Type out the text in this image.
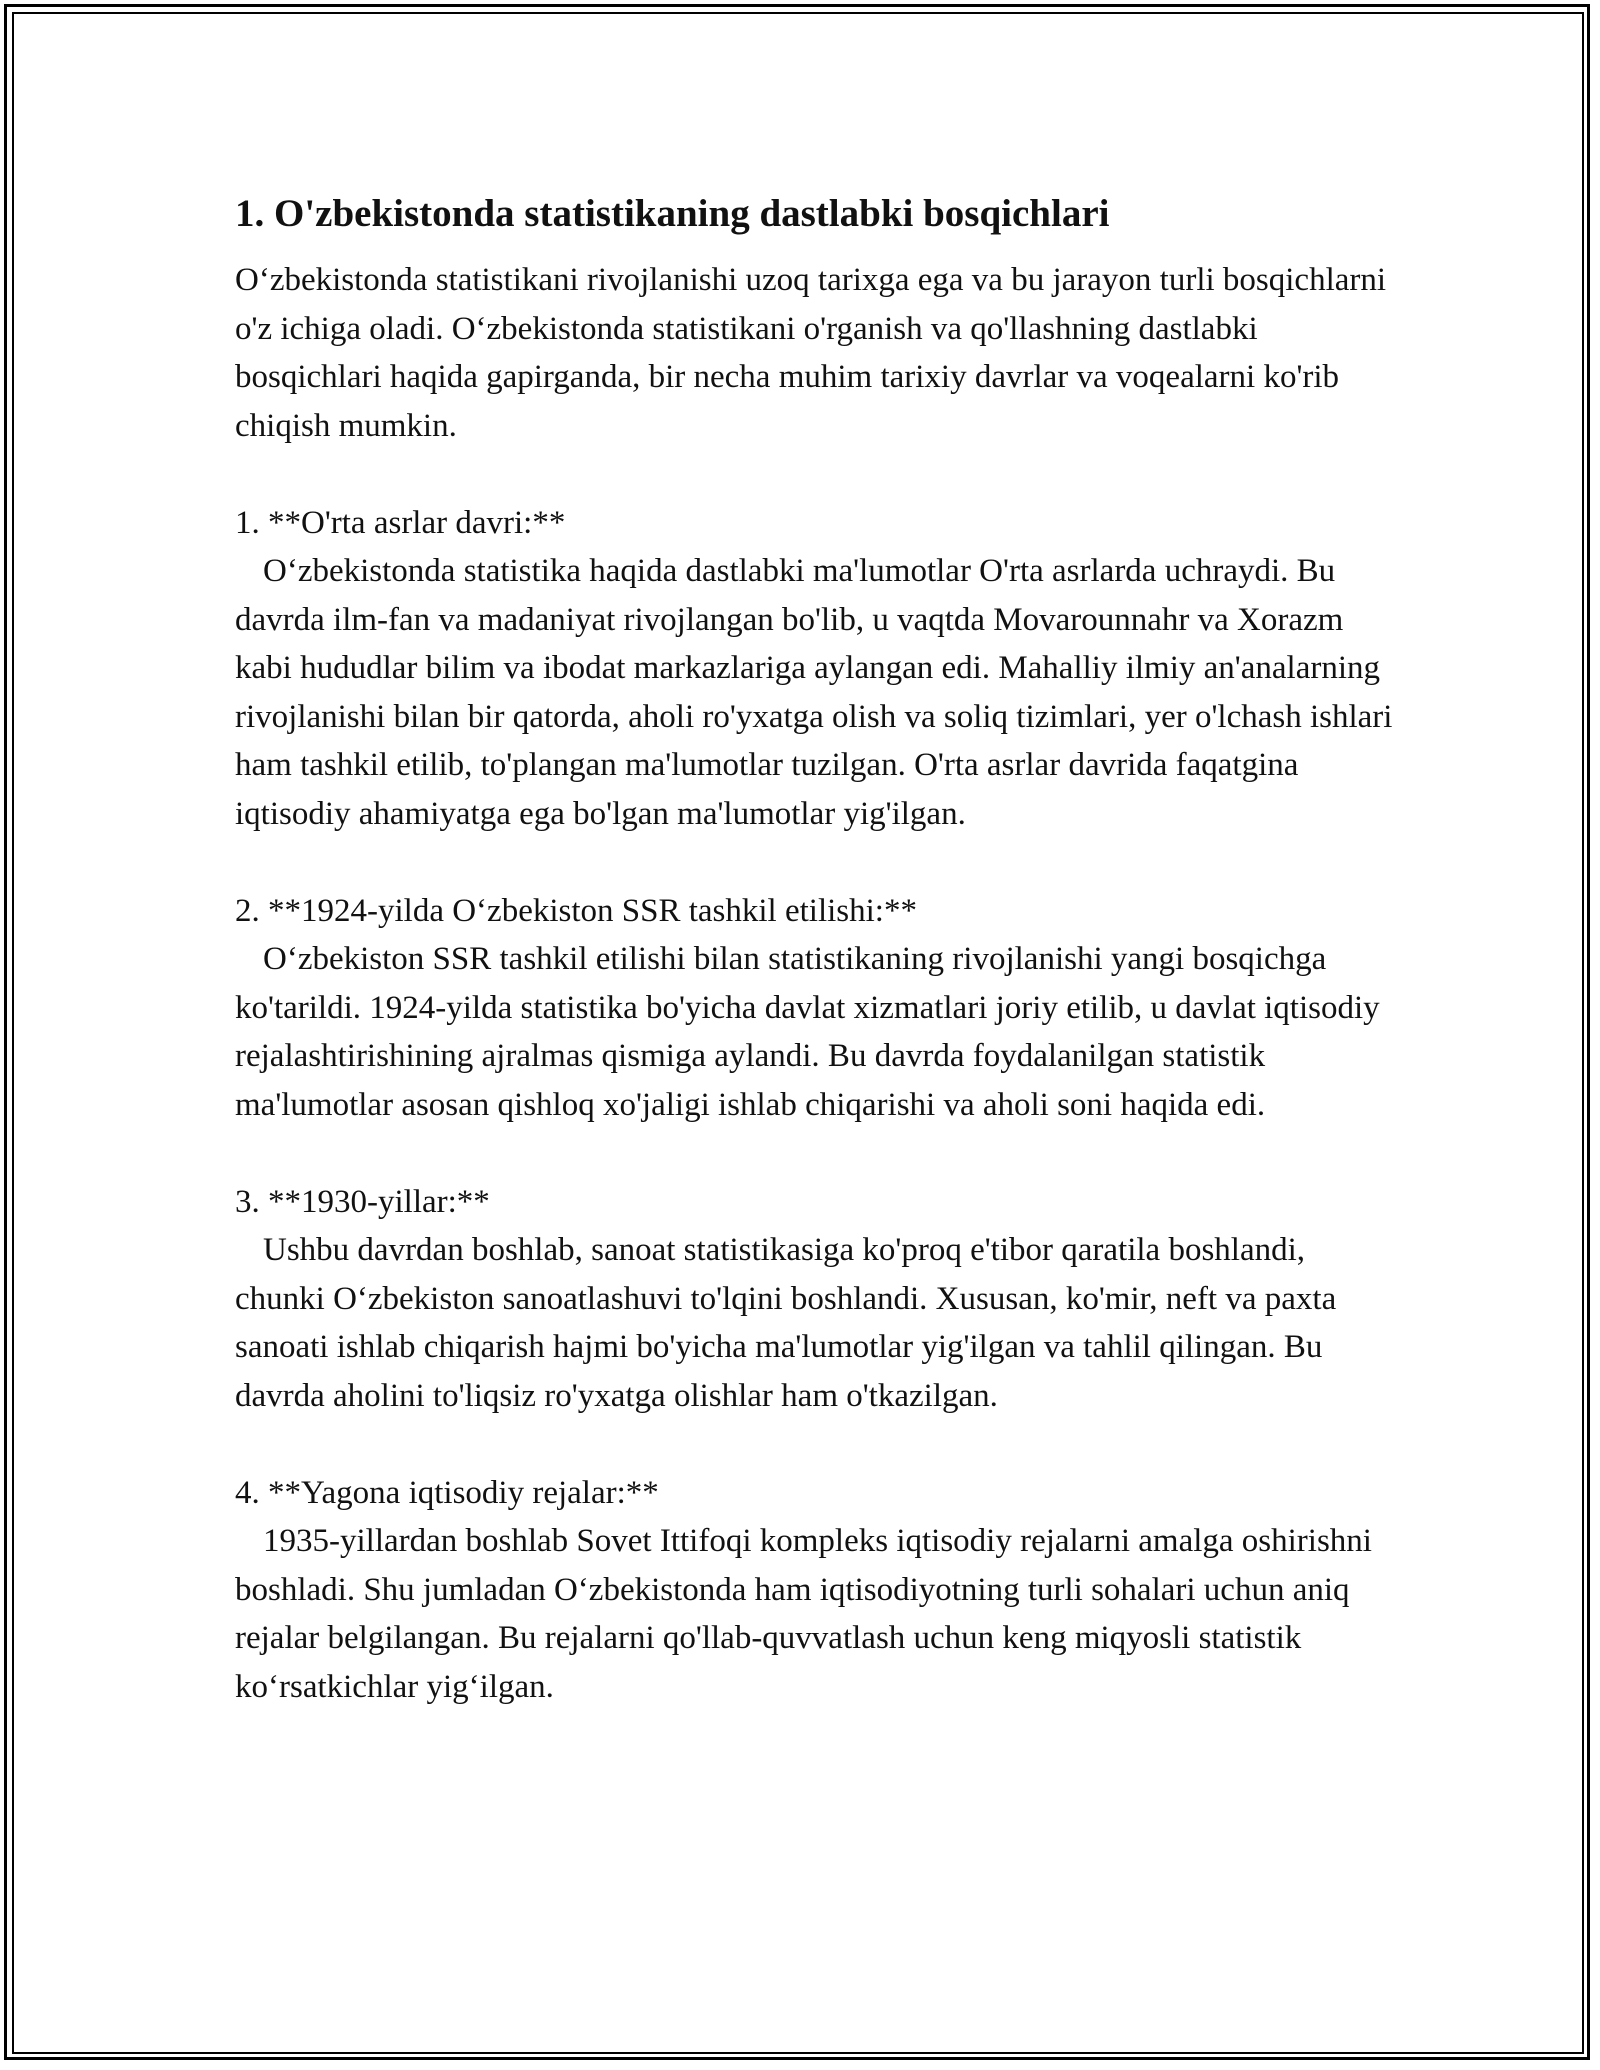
1. O'zbekistonda statistikaning dastlabki bosqichlari

O‘zbekistonda statistikani rivojlanishi uzoq tarixga ega va bu jarayon turli bosqichlarni o'z ichiga oladi. O‘zbekistonda statistikani o'rganish va qo'llashning dastlabki bosqichlari haqida gapirganda, bir necha muhim tarixiy davrlar va voqealarni ko'rib chiqish mumkin.

1. **O'rta asrlar davri:**

O‘zbekistonda statistika haqida dastlabki ma'lumotlar O'rta asrlarda uchraydi. Bu davrda ilm-fan va madaniyat rivojlangan bo'lib, u vaqtda Movarounnahr va Xorazm kabi hududlar bilim va ibodat markazlariga aylangan edi. Mahalliy ilmiy an'analarning rivojlanishi bilan bir qatorda, aholi ro'yxatga olish va soliq tizimlari, yer o'lchash ishlari ham tashkil etilib, to'plangan ma'lumotlar tuzilgan. O'rta asrlar davrida faqatgina iqtisodiy ahamiyatga ega bo'lgan ma'lumotlar yig'ilgan.

2. **1924-yilda O‘zbekiston SSR tashkil etilishi:**

O‘zbekiston SSR tashkil etilishi bilan statistikaning rivojlanishi yangi bosqichga ko'tarildi. 1924-yilda statistika bo'yicha davlat xizmatlari joriy etilib, u davlat iqtisodiy rejalashtirishining ajralmas qismiga aylandi. Bu davrda foydalanilgan statistik ma'lumotlar asosan qishloq xo'jaligi ishlab chiqarishi va aholi soni haqida edi.

3. **1930-yillar:**

Ushbu davrdan boshlab, sanoat statistikasiga ko'proq e'tibor qaratila boshlandi, chunki O‘zbekiston sanoatlashuvi to'lqini boshlandi. Xususan, ko'mir, neft va paxta sanoati ishlab chiqarish hajmi bo'yicha ma'lumotlar yig'ilgan va tahlil qilingan. Bu davrda aholini to'liqsiz ro'yxatga olishlar ham o'tkazilgan.

4. **Yagona iqtisodiy rejalar:**

1935-yillardan boshlab Sovet Ittifoqi kompleks iqtisodiy rejalarni amalga oshirishni boshladi. Shu jumladan O‘zbekistonda ham iqtisodiyotning turli sohalari uchun aniq rejalar belgilangan. Bu rejalarni qo'llab-quvvatlash uchun keng miqyosli statistik ko‘rsatkichlar yig‘ilgan.
